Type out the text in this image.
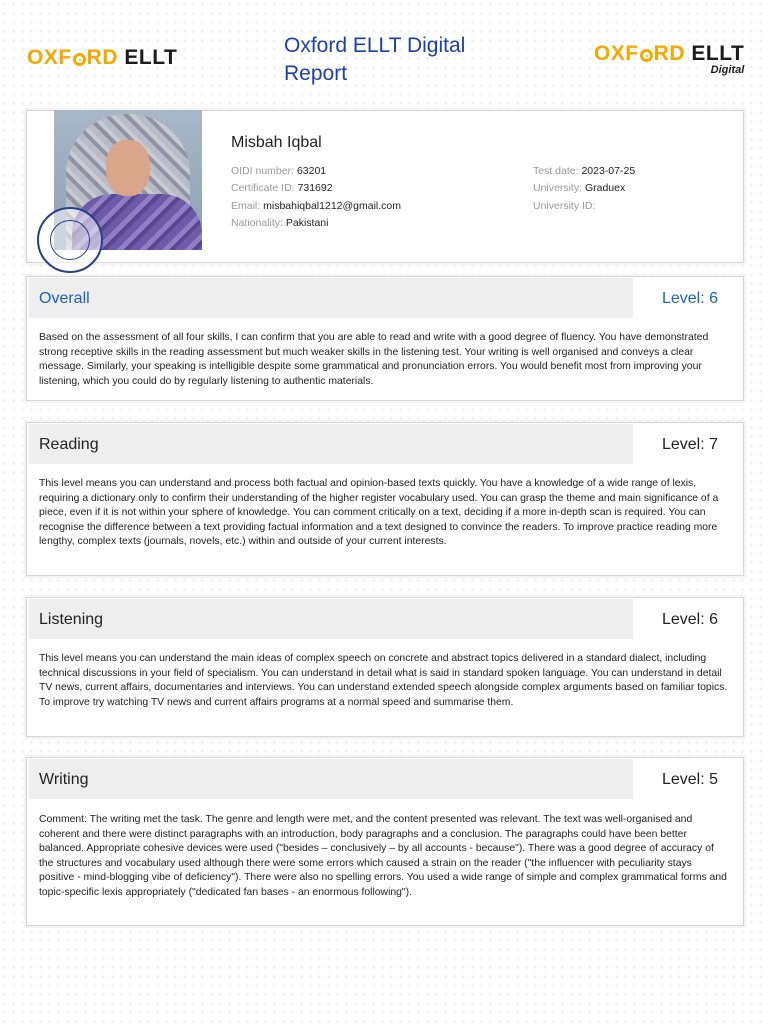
OXF RD ELLT
Oxford ELLT Digital Report
OXF RD ELLT
Digital
Misbah Iqbal
OIDI number: 63201
Certificate ID: 731692
Email: misbahiqbal1212@gmail.com
Nationality: Pakistani
Test date: 2023-07-25
University: Graduex
University ID:
Overall	Level: 6
Based on the assessment of all four skills, I can confirm that you are able to read and write with a good degree of fluency. You have demonstrated strong receptive skills in the reading assessment but much weaker skills in the listening test. Your writing is well organised and conveys a clear message. Similarly, your speaking is intelligible despite some grammatical and pronunciation errors. You would benefit most from improving your listening, which you could do by regularly listening to authentic materials.
Reading	Level: 7
This level means you can understand and process both factual and opinion-based texts quickly. You have a knowledge of a wide range of lexis, requiring a dictionary only to confirm their understanding of the higher register vocabulary used. You can grasp the theme and main significance of a piece, even if it is not within your sphere of knowledge. You can comment critically on a text, deciding if a more in-depth scan is required. You can recognise the difference between a text providing factual information and a text designed to convince the readers. To improve practice reading more lengthy, complex texts (journals, novels, etc.) within and outside of your current interests.
Listening	Level: 6
This level means you can understand the main ideas of complex speech on concrete and abstract topics delivered in a standard dialect, including technical discussions in your field of specialism. You can understand in detail what is said in standard spoken language. You can understand in detail TV news, current affairs, documentaries and interviews. You can understand extended speech alongside complex arguments based on familiar topics. To improve try watching TV news and current affairs programs at a normal speed and summarise them.
Writing	Level: 5
Comment: The writing met the task. The genre and length were met, and the content presented was relevant. The text was well-organised and coherent and there were distinct paragraphs with an introduction, body paragraphs and a conclusion. The paragraphs could have been better balanced. Appropriate cohesive devices were used ("besides – conclusively – by all accounts - because"). There was a good degree of accuracy of the structures and vocabulary used although there were some errors which caused a strain on the reader ("the influencer with peculiarity stays positive - mind-blogging vibe of deficiency"). There were also no spelling errors. You used a wide range of simple and complex grammatical forms and topic-specific lexis appropriately ("dedicated fan bases - an enormous following").
